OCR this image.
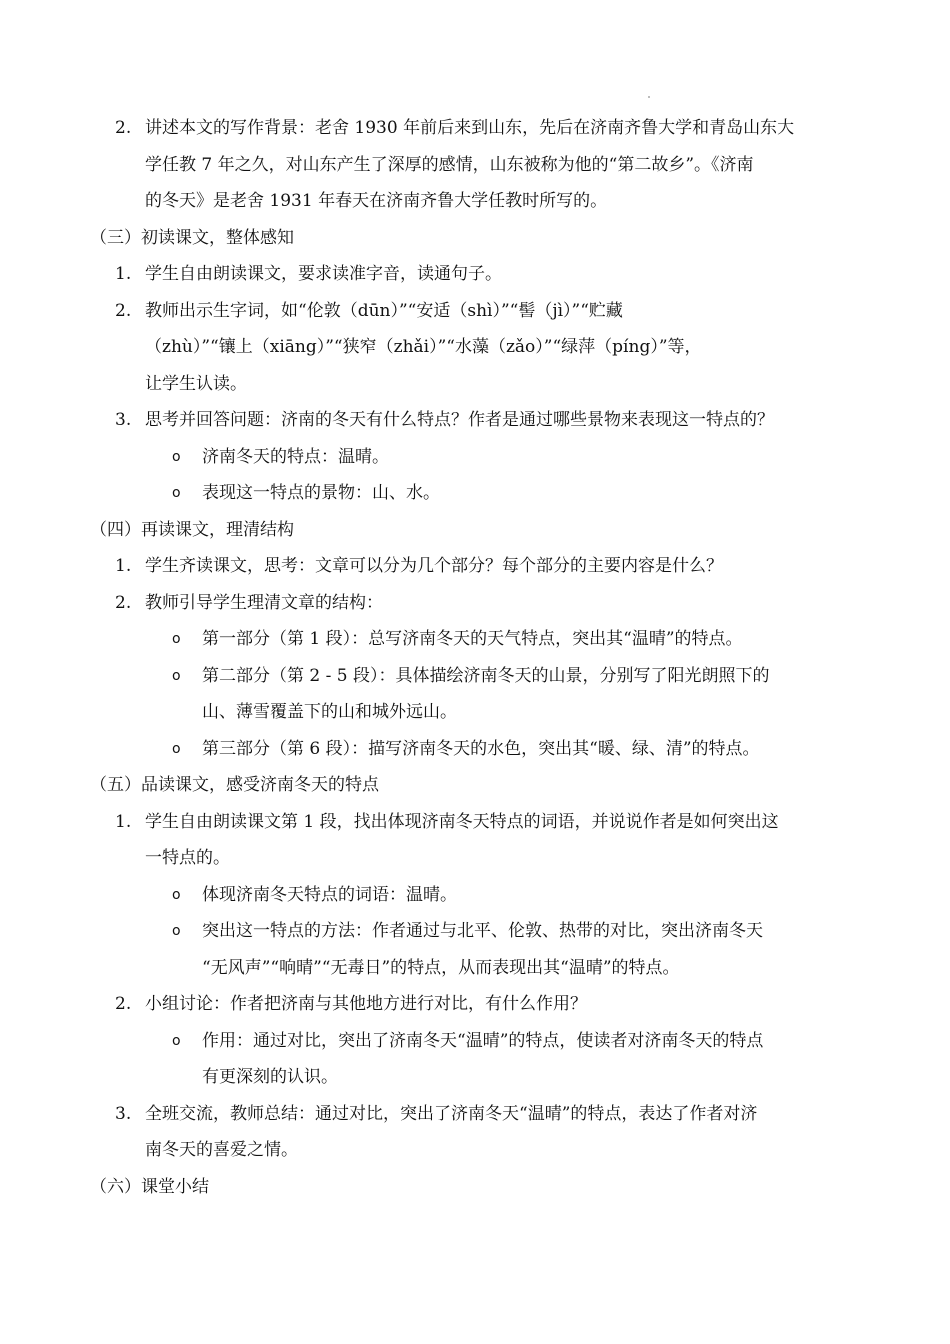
2. 讲述本文的写作背景：老舍 1930 年前后来到山东，先后在济南齐鲁大学和青岛山东大
学任教 7 年之久，对山东产生了深厚的感情，山东被称为他的“第二故乡”。《济南
的冬天》是老舍 1931 年春天在济南齐鲁大学任教时所写的。
（三）初读课文，整体感知
1. 学生自由朗读课文，要求读准字音，读通句子。
2. 教师出示生字词，如“伦敦（dūn）”“安适（shì）”“髻（jì）”“贮藏
（zhù）”“镶上（xiāng）”“狭窄（zhǎi）”“水藻（zǎo）”“绿萍（píng）”等，
让学生认读。
3. 思考并回答问题：济南的冬天有什么特点？作者是通过哪些景物来表现这一特点的？
o 济南冬天的特点：温晴。
o 表现这一特点的景物：山、水。
（四）再读课文，理清结构
1. 学生齐读课文，思考：文章可以分为几个部分？每个部分的主要内容是什么？
2. 教师引导学生理清文章的结构：
o 第一部分（第 1 段）：总写济南冬天的天气特点，突出其“温晴”的特点。
o 第二部分（第 2 - 5 段）：具体描绘济南冬天的山景，分别写了阳光朗照下的
山、薄雪覆盖下的山和城外远山。
o 第三部分（第 6 段）：描写济南冬天的水色，突出其“暖、绿、清”的特点。
（五）品读课文，感受济南冬天的特点
1. 学生自由朗读课文第 1 段，找出体现济南冬天特点的词语，并说说作者是如何突出这
一特点的。
o 体现济南冬天特点的词语：温晴。
o 突出这一特点的方法：作者通过与北平、伦敦、热带的对比，突出济南冬天
“无风声”“响晴”“无毒日”的特点，从而表现出其“温晴”的特点。
2. 小组讨论：作者把济南与其他地方进行对比，有什么作用？
o 作用：通过对比，突出了济南冬天“温晴”的特点，使读者对济南冬天的特点
有更深刻的认识。
3. 全班交流，教师总结：通过对比，突出了济南冬天“温晴”的特点，表达了作者对济
南冬天的喜爱之情。
（六）课堂小结
